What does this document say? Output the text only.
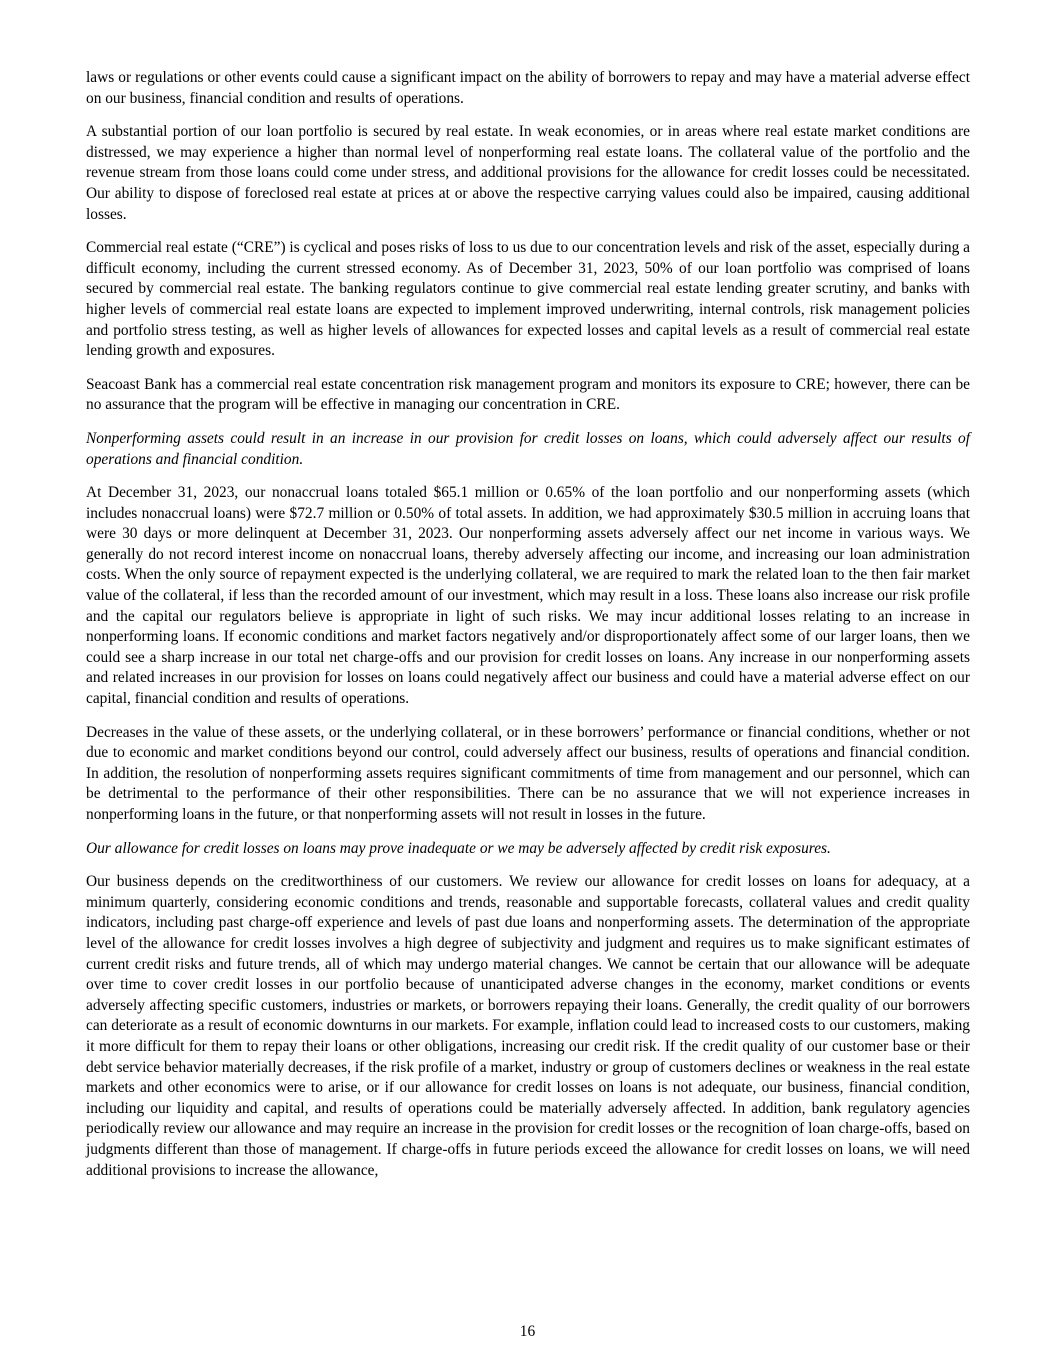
laws or regulations or other events could cause a significant impact on the ability of borrowers to repay and may have a material adverse effect on our business, financial condition and results of operations.

A substantial portion of our loan portfolio is secured by real estate. In weak economies, or in areas where real estate market conditions are distressed, we may experience a higher than normal level of nonperforming real estate loans. The collateral value of the portfolio and the revenue stream from those loans could come under stress, and additional provisions for the allowance for credit losses could be necessitated. Our ability to dispose of foreclosed real estate at prices at or above the respective carrying values could also be impaired, causing additional losses.

Commercial real estate (“CRE”) is cyclical and poses risks of loss to us due to our concentration levels and risk of the asset, especially during a difficult economy, including the current stressed economy. As of December 31, 2023, 50% of our loan portfolio was comprised of loans secured by commercial real estate. The banking regulators continue to give commercial real estate lending greater scrutiny, and banks with higher levels of commercial real estate loans are expected to implement improved underwriting, internal controls, risk management policies and portfolio stress testing, as well as higher levels of allowances for expected losses and capital levels as a result of commercial real estate lending growth and exposures.

Seacoast Bank has a commercial real estate concentration risk management program and monitors its exposure to CRE; however, there can be no assurance that the program will be effective in managing our concentration in CRE.

Nonperforming assets could result in an increase in our provision for credit losses on loans, which could adversely affect our results of operations and financial condition.

At December 31, 2023, our nonaccrual loans totaled $65.1 million or 0.65% of the loan portfolio and our nonperforming assets (which includes nonaccrual loans) were $72.7 million or 0.50% of total assets. In addition, we had approximately $30.5 million in accruing loans that were 30 days or more delinquent at December 31, 2023. Our nonperforming assets adversely affect our net income in various ways. We generally do not record interest income on nonaccrual loans, thereby adversely affecting our income, and increasing our loan administration costs. When the only source of repayment expected is the underlying collateral, we are required to mark the related loan to the then fair market value of the collateral, if less than the recorded amount of our investment, which may result in a loss. These loans also increase our risk profile and the capital our regulators believe is appropriate in light of such risks. We may incur additional losses relating to an increase in nonperforming loans. If economic conditions and market factors negatively and/or disproportionately affect some of our larger loans, then we could see a sharp increase in our total net charge-offs and our provision for credit losses on loans. Any increase in our nonperforming assets and related increases in our provision for losses on loans could negatively affect our business and could have a material adverse effect on our capital, financial condition and results of operations.

Decreases in the value of these assets, or the underlying collateral, or in these borrowers’ performance or financial conditions, whether or not due to economic and market conditions beyond our control, could adversely affect our business, results of operations and financial condition. In addition, the resolution of nonperforming assets requires significant commitments of time from management and our personnel, which can be detrimental to the performance of their other responsibilities. There can be no assurance that we will not experience increases in nonperforming loans in the future, or that nonperforming assets will not result in losses in the future.

Our allowance for credit losses on loans may prove inadequate or we may be adversely affected by credit risk exposures.

Our business depends on the creditworthiness of our customers. We review our allowance for credit losses on loans for adequacy, at a minimum quarterly, considering economic conditions and trends, reasonable and supportable forecasts, collateral values and credit quality indicators, including past charge-off experience and levels of past due loans and nonperforming assets. The determination of the appropriate level of the allowance for credit losses involves a high degree of subjectivity and judgment and requires us to make significant estimates of current credit risks and future trends, all of which may undergo material changes. We cannot be certain that our allowance will be adequate over time to cover credit losses in our portfolio because of unanticipated adverse changes in the economy, market conditions or events adversely affecting specific customers, industries or markets, or borrowers repaying their loans. Generally, the credit quality of our borrowers can deteriorate as a result of economic downturns in our markets. For example, inflation could lead to increased costs to our customers, making it more difficult for them to repay their loans or other obligations, increasing our credit risk. If the credit quality of our customer base or their debt service behavior materially decreases, if the risk profile of a market, industry or group of customers declines or weakness in the real estate markets and other economics were to arise, or if our allowance for credit losses on loans is not adequate, our business, financial condition, including our liquidity and capital, and results of operations could be materially adversely affected. In addition, bank regulatory agencies periodically review our allowance and may require an increase in the provision for credit losses or the recognition of loan charge-offs, based on judgments different than those of management. If charge-offs in future periods exceed the allowance for credit losses on loans, we will need additional provisions to increase the allowance,

16
